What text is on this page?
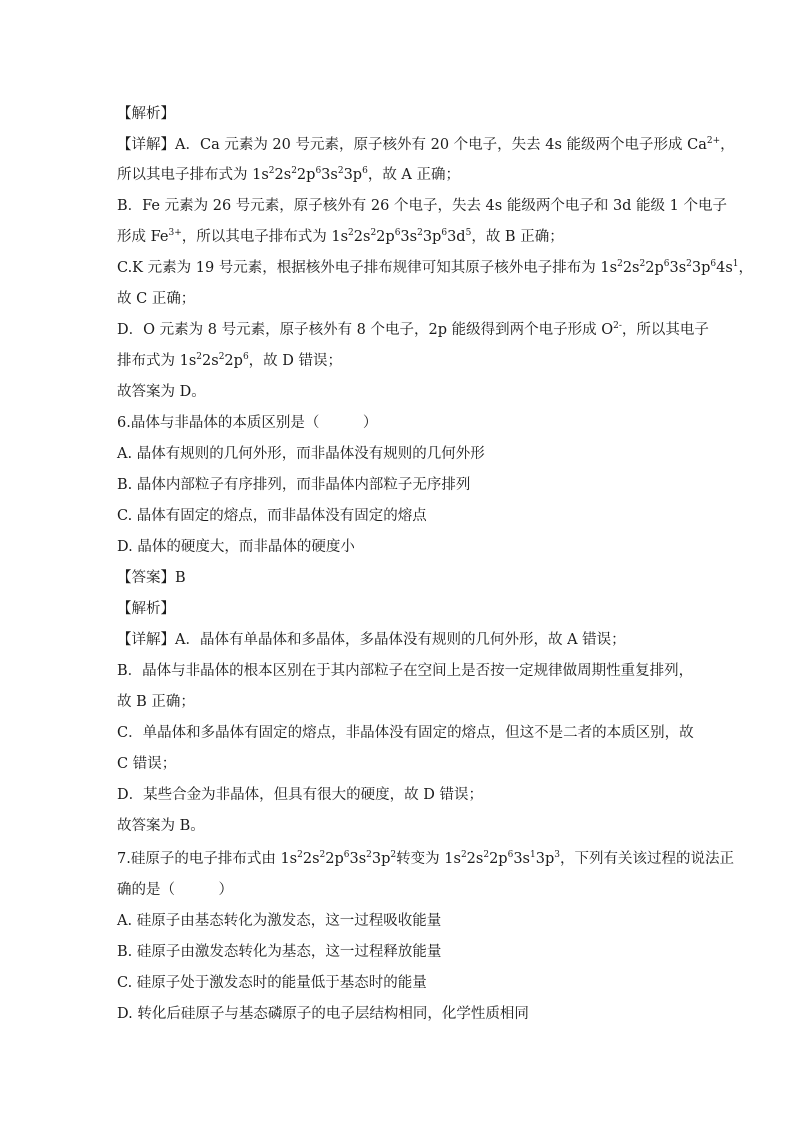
【解析】
【详解】A．Ca 元素为 20 号元素，原子核外有 20 个电子，失去 4s 能级两个电子形成 $Ca^{2+}$，
所以其电子排布式为 $1s^22s^22p^63s^23p^6$，故 A 正确；
B．Fe 元素为 26 号元素，原子核外有 26 个电子，失去 4s 能级两个电子和 3d 能级 1 个电子
形成 $Fe^{3+}$，所以其电子排布式为 $1s^22s^22p^63s^23p^63d^5$，故 B 正确；
C.K 元素为 19 号元素，根据核外电子排布规律可知其原子核外电子排布为 $1s^22s^22p^63s^23p^64s^1$，
故 C 正确；
D．O 元素为 8 号元素，原子核外有 8 个电子，2p 能级得到两个电子形成 $O^{2-}$，所以其电子
排布式为 $1s^22s^22p^6$，故 D 错误；
故答案为 D。
6.晶体与非晶体的本质区别是（　　　）
A. 晶体有规则的几何外形，而非晶体没有规则的几何外形
B. 晶体内部粒子有序排列，而非晶体内部粒子无序排列
C. 晶体有固定的熔点，而非晶体没有固定的熔点
D. 晶体的硬度大，而非晶体的硬度小
【答案】B
【解析】
【详解】A．晶体有单晶体和多晶体，多晶体没有规则的几何外形，故 A 错误；
B．晶体与非晶体的根本区别在于其内部粒子在空间上是否按一定规律做周期性重复排列，
故 B 正确；
C．单晶体和多晶体有固定的熔点，非晶体没有固定的熔点，但这不是二者的本质区别，故
C 错误；
D．某些合金为非晶体，但具有很大的硬度，故 D 错误；
故答案为 B。
7.硅原子的电子排布式由 $1s^22s^22p^63s^23p^2$转变为 $1s^22s^22p^63s^13p^3$，下列有关该过程的说法正
确的是（　　　）
A. 硅原子由基态转化为激发态，这一过程吸收能量
B. 硅原子由激发态转化为基态，这一过程释放能量
C. 硅原子处于激发态时的能量低于基态时的能量
D. 转化后硅原子与基态磷原子的电子层结构相同，化学性质相同
